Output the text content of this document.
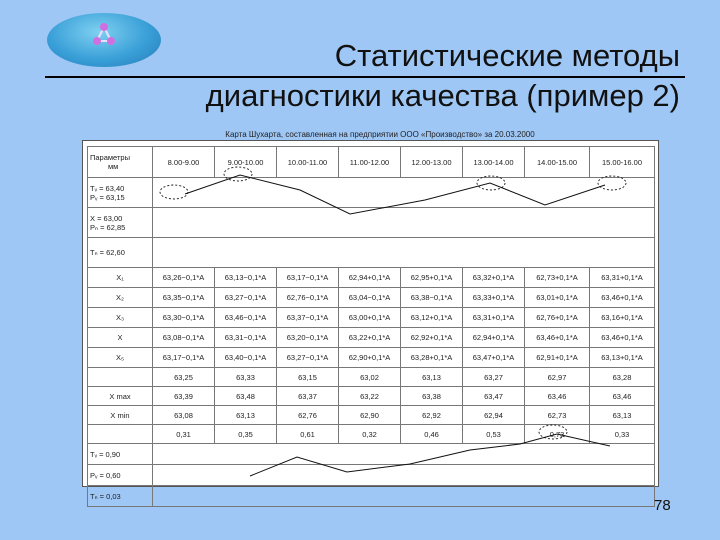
Статистические методы
диагностики качества (пример 2)
Карта Шухарта, составленная на предприятии ООО «Производство» за 20.03.2000
Параметры
мм	8.00-9.00	9.00-10.00	10.00-11.00	11.00-12.00	12.00-13.00	13.00-14.00	14.00-15.00	15.00-16.00

Tᵥ = 63,40
Pᵥ = 63,15								

X = 63,00
Pₙ = 62,85								

Tₙ = 62,60								
X₁	63,26−0,1*A	63,13−0,1*A	63,17−0,1*A	62,94+0,1*A	62,95+0,1*A	63,32+0,1*A	62,73+0,1*A	63,31+0,1*A
X₂	63,35−0,1*A	63,27−0,1*A	62,76−0,1*A	63,04−0,1*A	63,38−0,1*A	63,33+0,1*A	63,01+0,1*A	63,46+0,1*A
X₃	63,30−0,1*A	63,46−0,1*A	63,37−0,1*A	63,00+0,1*A	63,12+0,1*A	63,31+0,1*A	62,76+0,1*A	63,16+0,1*A
X	63,08−0,1*A	63,31−0,1*A	63,20−0,1*A	63,22+0,1*A	62,92+0,1*A	62,94+0,1*A	63,46+0,1*A	63,46+0,1*A
X₅	63,17−0,1*A	63,40−0,1*A	63,27−0,1*A	62,90+0,1*A	63,28+0,1*A	63,47+0,1*A	62,91+0,1*A	63,13+0,1*A
	63,25	63,33	63,15	63,02	63,13	63,27	62,97	63,28
X max	63,39	63,48	63,37	63,22	63,38	63,47	63,46	63,46
X min	63,08	63,13	62,76	62,90	62,92	62,94	62,73	63,13
	0,31	0,35	0,61	0,32	0,46	0,53	0,73	0,33
Tᵥ = 0,90								
Pᵥ = 0,60								
Tₙ = 0,03								
78
